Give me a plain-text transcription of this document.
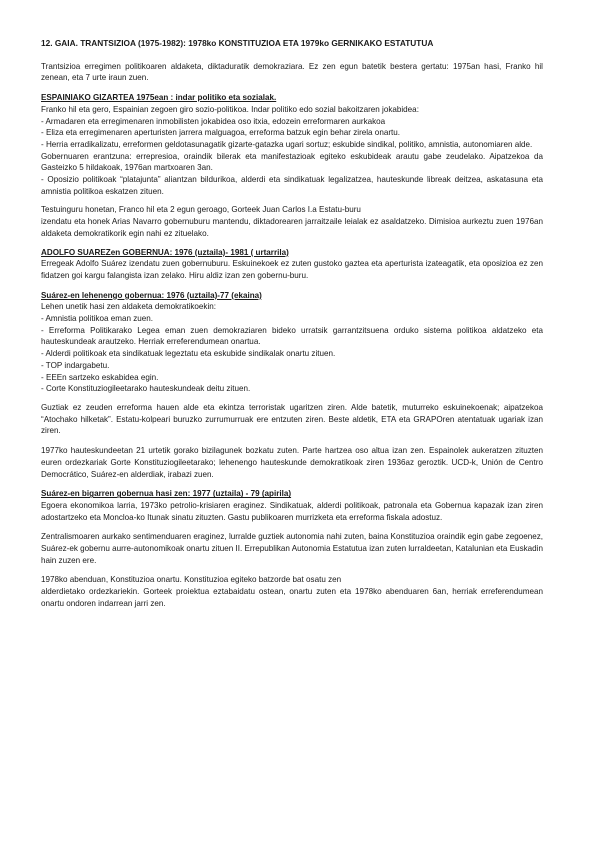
12. GAIA. TRANTSIZIOA (1975-1982): 1978ko KONSTITUZIOA ETA 1979ko GERNIKAKO ESTATUTUA

Trantsizioa erregimen politikoaren aldaketa, diktaduratik demokraziara. Ez zen egun batetik bestera gertatu: 1975an hasi, Franko hil zenean, eta 7 urte iraun zuen.

ESPAINIAKO GIZARTEA 1975ean : indar politiko eta sozialak.

Franko hil eta gero, Espainian zegoen giro sozio-politikoa. Indar politiko edo sozial bakoitzaren jokabidea:

- Armadaren eta erregimenaren inmobilisten jokabidea oso itxia, edozein erreformaren aurkakoa

- Eliza eta erregimenaren aperturisten jarrera malguagoa, erreforma batzuk egin behar zirela onartu.

- Herria erradikalizatu, erreformen geldotasunagatik gizarte-gatazka ugari sortuz; eskubide sindikal, politiko, amnistia, autonomiaren alde.

Gobernuaren erantzuna: errepresioa, oraindik bilerak eta manifestazioak egiteko eskubideak arautu gabe zeudelako. Aipatzekoa da Gasteizko 5 hildakoak, 1976an martxoaren 3an.

- Oposizio politikoak “platajunta” aliantzan bildurikoa, alderdi eta sindikatuak legalizatzea, hauteskunde libreak deitzea, askatasuna eta amnistia politikoa eskatzen zituen.

Testuinguru honetan, Franco hil eta 2 egun geroago, Gorteek Juan Carlos I.a Estatu-buru

izendatu eta honek Arias Navarro gobernuburu mantendu, diktadorearen jarraitzaile leialak ez asaldatzeko. Dimisioa aurkeztu zuen 1976an aldaketa demokratikorik egin nahi ez zituelako.

ADOLFO SUAREZen GOBERNUA: 1976 (uztaila)- 1981 ( urtarrila)

Erregeak Adolfo Suárez izendatu zuen gobernuburu. Eskuinekoek ez zuten gustoko gaztea eta aperturista izateagatik, eta oposizioa ez zen fidatzen goi kargu falangista izan zelako. Hiru aldiz izan zen gobernu-buru.

Suárez-en lehenengo gobernua: 1976 (uztaila)-77 (ekaina)

Lehen unetik hasi zen aldaketa demokratikoekin:

- Amnistia politikoa eman zuen.

- Erreforma Politikarako Legea eman zuen demokraziaren bideko urratsik garrantzitsuena orduko sistema politikoa aldatzeko eta hauteskundeak arautzeko. Herriak erreferendumean onartua.

- Alderdi politikoak eta sindikatuak legeztatu eta eskubide sindikalak onartu zituen.

- TOP indargabetu.

- EEEn sartzeko eskabidea egin.

- Corte Konstituziogileetarako hauteskundeak deitu zituen.

Guztiak ez zeuden erreforma hauen alde eta ekintza terroristak ugaritzen ziren. Alde batetik, muturreko eskuinekoenak; aipatzekoa “Atochako hilketak”. Estatu-kolpeari buruzko zurrumurruak ere entzuten ziren. Beste aldetik, ETA eta GRAPOren atentatuak ugariak izan ziren.

1977ko hauteskundeetan 21 urtetik gorako bizilagunek bozkatu zuten. Parte hartzea oso altua izan zen. Espainolek aukeratzen zituzten euren ordezkariak Gorte Konstituziogileetarako; lehenengo hauteskunde demokratikoak ziren 1936az geroztik. UCD-k, Unión de Centro Democrático, Suárez-en alderdiak, irabazi zuen.

Suárez-en bigarren gobernua hasi zen: 1977 (uztaila) - 79 (apirila)

Egoera ekonomikoa larria, 1973ko petrolio-krisiaren eraginez. Sindikatuak, alderdi politikoak, patronala eta Gobernua kapazak izan ziren adostartzeko eta Moncloa-ko Itunak sinatu zituzten. Gastu publikoaren murrizketa eta erreforma fiskala adostuz.

Zentralismoaren aurkako sentimenduaren eraginez, lurralde guztiek autonomia nahi zuten, baina Konstituzioa oraindik egin gabe zegoenez, Suárez-ek gobernu aurre-autonomikoak onartu zituen II. Errepublikan Autonomia Estatutua izan zuten lurraldeetan, Katalunian eta Euskadin hain zuzen ere.

1978ko abenduan, Konstituzioa onartu. Konstituzioa egiteko batzorde bat osatu zen

alderdietako ordezkariekin. Gorteek proiektua eztabaidatu ostean, onartu zuten eta 1978ko abenduaren 6an, herriak erreferendumean onartu ondoren indarrean jarri zen.
